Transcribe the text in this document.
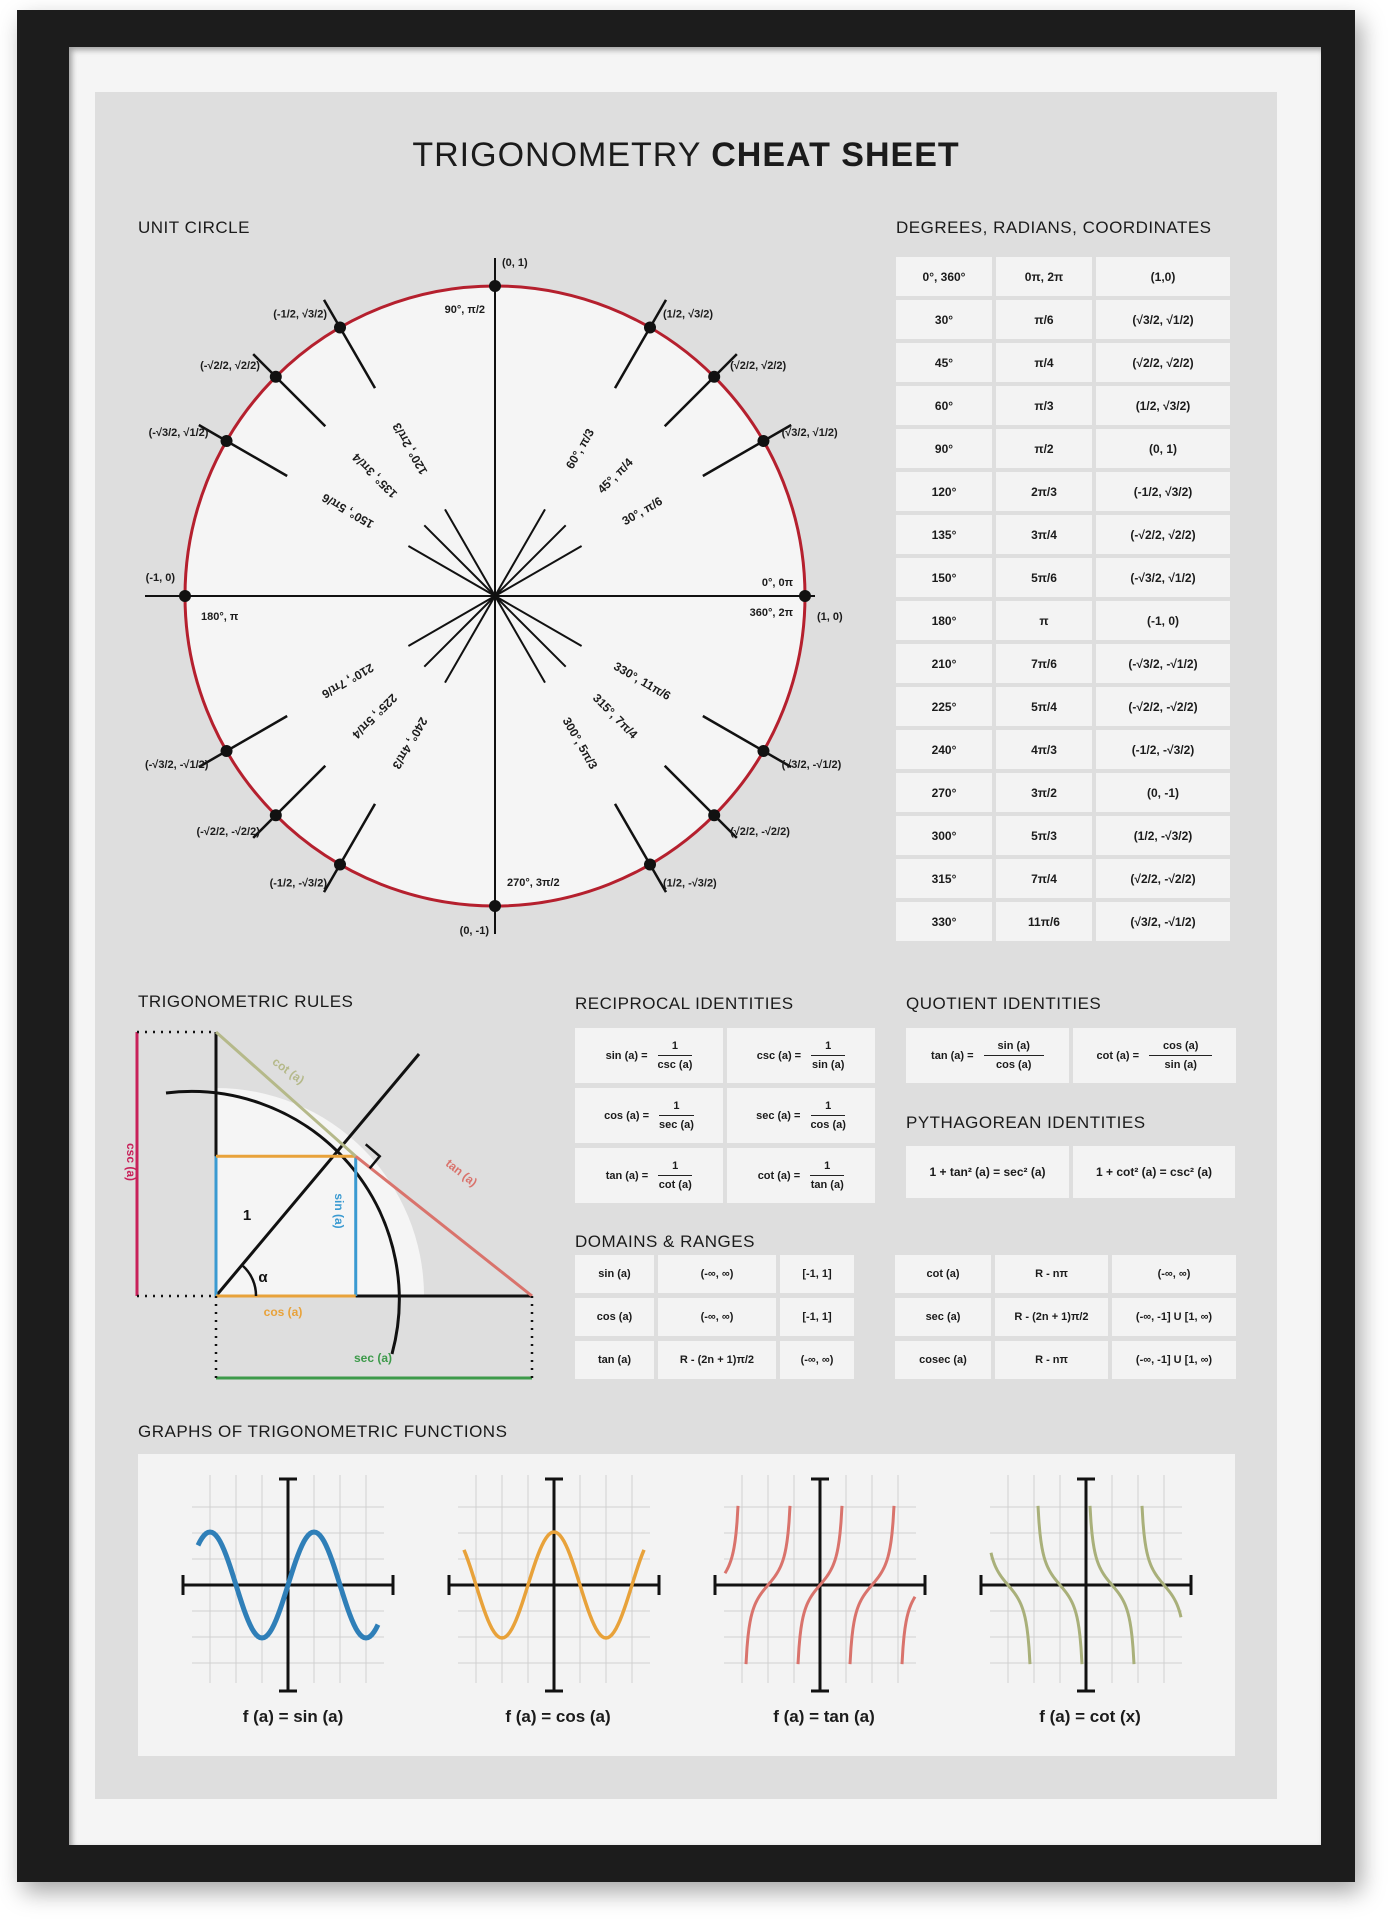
TRIGONOMETRY CHEAT SHEET
UNIT CIRCLE	DEGREES, RADIANS, COORDINATES
(0, 1)
90°, π/2
(-1, 0)
180°, π
0°, 0π
360°, 2π (1, 0)
(0, -1)
270°, 3π/2
(√3/2, √1/2)
30°, π/6
(√2/2, √2/2)
45°, π/4
(1/2, √3/2)
60°, π/3
(-1/2, √3/2)
120°, 2π/3
(-√2/2, √2/2)
135°, 3π/4
(-√3/2, √1/2)
150°, 5π/6
(-√3/2, -√1/2)
210°, 7π/6
(-√2/2, -√2/2)
225°, 5π/4
(-1/2, -√3/2)
240°, 4π/3
(1/2, -√3/2)
300°, 5π/3
(√2/2, -√2/2)
315°, 7π/4
(√3/2, -√1/2)
330°, 11π/6
0°, 360°	0π, 2π	(1,0)
30°	π/6	(√3/2, √1/2)
45°	π/4	(√2/2, √2/2)
60°	π/3	(1/2, √3/2)
90°	π/2	(0, 1)
120°	2π/3	(-1/2, √3/2)
135°	3π/4	(-√2/2, √2/2)
150°	5π/6	(-√3/2, √1/2)
180°	π	(-1, 0)
210°	7π/6	(-√3/2, -√1/2)
225°	5π/4	(-√2/2, -√2/2)
240°	4π/3	(-1/2, -√3/2)
270°	3π/2	(0, -1)
300°	5π/3	(1/2, -√3/2)
315°	7π/4	(√2/2, -√2/2)
330°	11π/6	(√3/2, -√1/2)
TRIGONOMETRIC RULES
cot (a)
csc (a)	tan (a)
sin (a)
cos (a)
sec (a)
1
α
RECIPROCAL IDENTITIES
$\sin (a) = \frac{1}{\csc (a)}$	$\csc (a) = \frac{1}{\sin (a)}$
$\cos (a) = \frac{1}{\sec (a)}$	$\sec (a) = \frac{1}{\cos (a)}$
$\tan (a) = \frac{1}{\cot (a)}$	$\cot (a) = \frac{1}{\tan (a)}$
QUOTIENT IDENTITIES
$\tan (a) = \frac{\sin (a)}{\cos (a)}$	$\cot (a) = \frac{\cos (a)}{\sin (a)}$
PYTHAGOREAN IDENTITIES
1 + tan² (a) = sec² (a)	1 + cot² (a) = csc² (a)
DOMAINS & RANGES
sin (a)	(-∞, ∞)	[-1, 1]
cos (a)	(-∞, ∞)	[-1, 1]
tan (a)	R - (2n + 1)π/2	(-∞, ∞)
cot (a)	R - nπ	(-∞, ∞)
sec (a)	R - (2n + 1)π/2	(-∞, -1] U [1, ∞)
cosec (a)	R - nπ	(-∞, -1] U [1, ∞)
GRAPHS OF TRIGONOMETRIC FUNCTIONS
f (a) = sin (a)	f (a) = cos (a)	f (a) = tan (a)	f (a) = cot (x)
